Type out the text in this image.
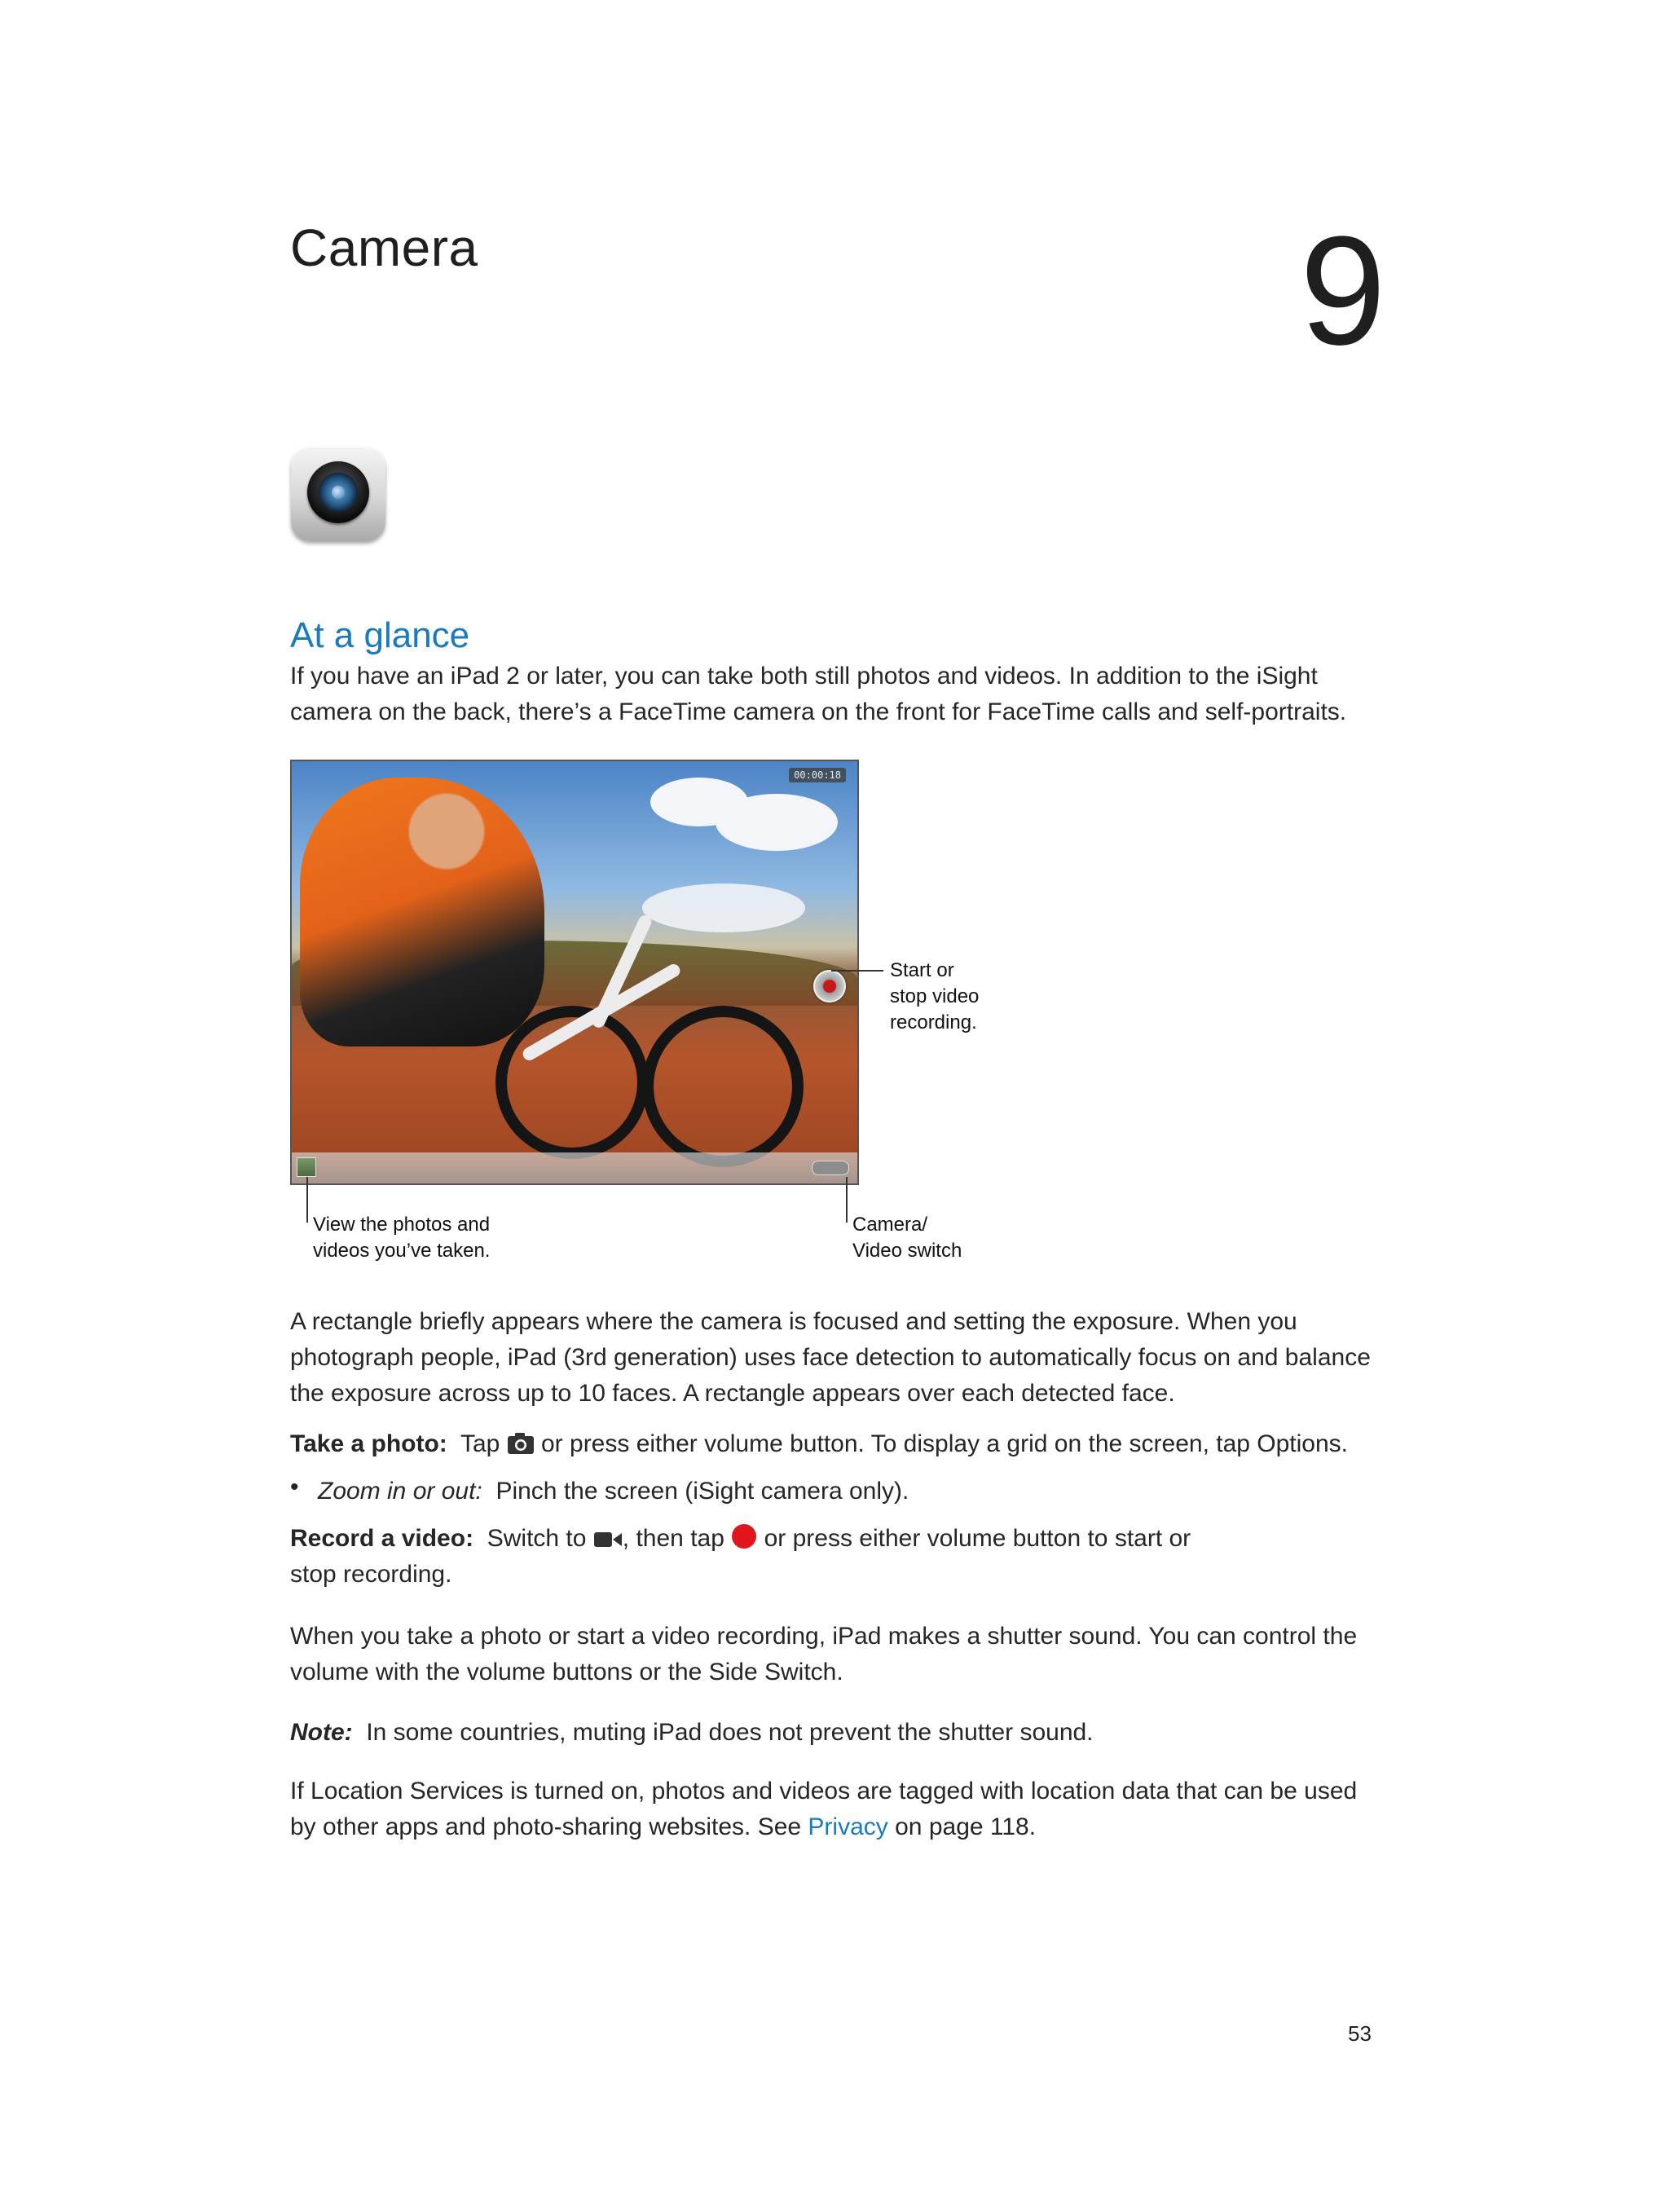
Camera	9
At a glance

If you have an iPad 2 or later, you can take both still photos and videos. In addition to the iSight camera on the back, there’s a FaceTime camera on the front for FaceTime calls and self-portraits.

00:00:18
Start or
stop video
recording.
View the photos and
videos you’ve taken.
Camera/
Video switch

A rectangle briefly appears where the camera is focused and setting the exposure. When you photograph people, iPad (3rd generation) uses face detection to automatically focus on and balance the exposure across up to 10 faces. A rectangle appears over each detected face.

Take a photo: Tap or press either volume button. To display a grid on the screen, tap Options.

• Zoom in or out: Pinch the screen (iSight camera only).

Record a video: Switch to , then tap or press either volume button to start or stop recording.

When you take a photo or start a video recording, iPad makes a shutter sound. You can control the volume with the volume buttons or the Side Switch.

Note: In some countries, muting iPad does not prevent the shutter sound.

If Location Services is turned on, photos and videos are tagged with location data that can be used by other apps and photo-sharing websites. See Privacy on page 118.

53
